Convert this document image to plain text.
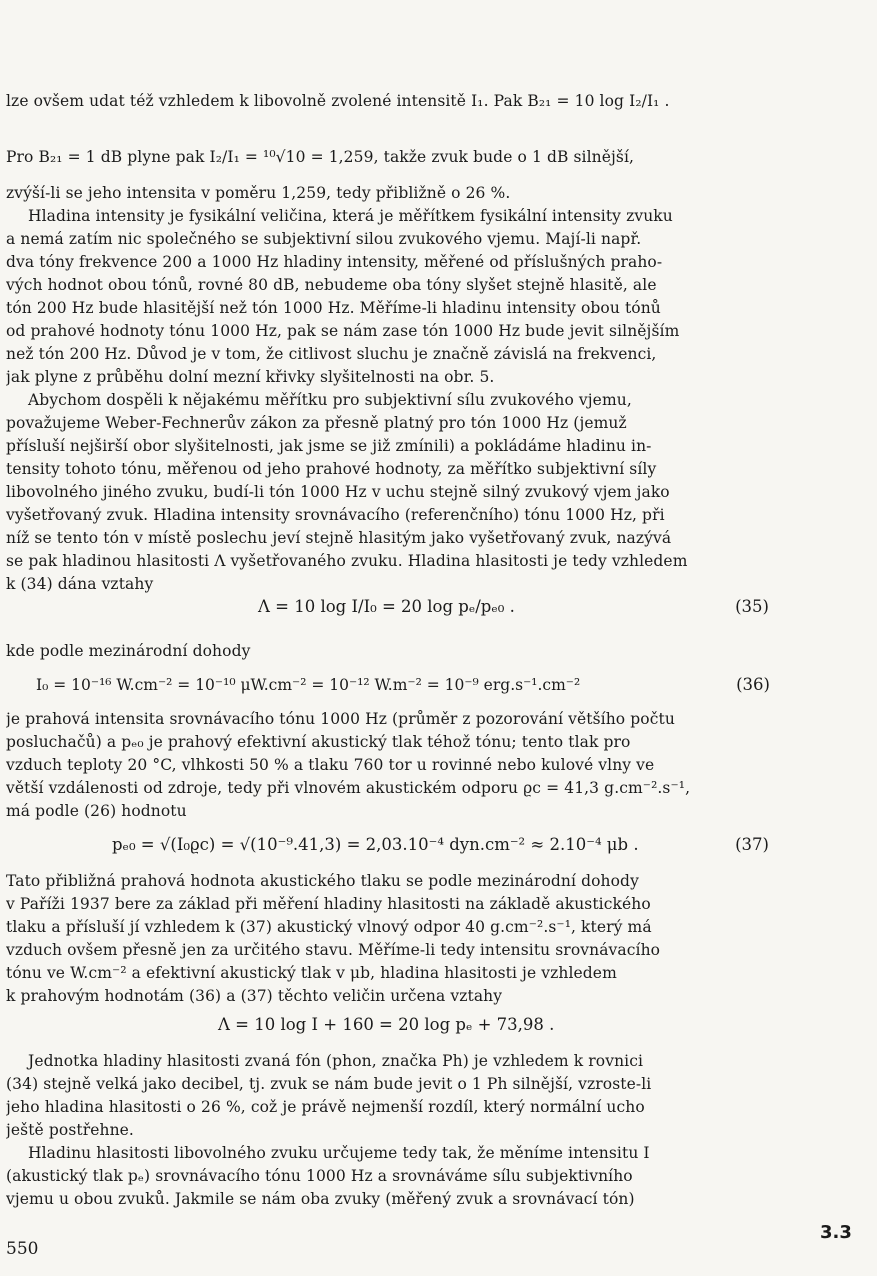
lze ovšem udat též vzhledem k libovolně zvolené intensitě I₁. Pak B₂₁ = 10 log I₂/I₁ .
Pro B₂₁ = 1 dB plyne pak I₂/I₁ = ¹⁰√10 = 1,259, takže zvuk bude o 1 dB silnější,
zvýší-li se jeho intensita v poměru 1,259, tedy přibližně o 26 %.
Hladina intensity je fysikální veličina, která je měřítkem fysikální intensity zvuku
a nemá zatím nic společného se subjektivní silou zvukového vjemu. Mají-li např.
dva tóny frekvence 200 a 1000 Hz hladiny intensity, měřené od příslušných praho-
vých hodnot obou tónů, rovné 80 dB, nebudeme oba tóny slyšet stejně hlasitě, ale
tón 200 Hz bude hlasitější než tón 1000 Hz. Měříme-li hladinu intensity obou tónů
od prahové hodnoty tónu 1000 Hz, pak se nám zase tón 1000 Hz bude jevit silnějším
než tón 200 Hz. Důvod je v tom, že citlivost sluchu je značně závislá na frekvenci,
jak plyne z průběhu dolní mezní křivky slyšitelnosti na obr. 5.
Abychom dospěli k nějakému měřítku pro subjektivní sílu zvukového vjemu,
považujeme Weber-Fechnerův zákon za přesně platný pro tón 1000 Hz (jemuž
přísluší nejširší obor slyšitelnosti, jak jsme se již zmínili) a pokládáme hladinu in-
tensity tohoto tónu, měřenou od jeho prahové hodnoty, za měřítko subjektivní síly
libovolného jiného zvuku, budí-li tón 1000 Hz v uchu stejně silný zvukový vjem jako
vyšetřovaný zvuk. Hladina intensity srovnávacího (referenčního) tónu 1000 Hz, při
níž se tento tón v místě poslechu jeví stejně hlasitým jako vyšetřovaný zvuk, nazývá
se pak hladinou hlasitosti Λ vyšetřovaného zvuku. Hladina hlasitosti je tedy vzhledem
k (34) dána vztahy
Λ = 10 log I/I₀ = 20 log pₑ/pₑ₀ .	(35)
kde podle mezinárodní dohody
I₀ = 10⁻¹⁶ W.cm⁻² = 10⁻¹⁰ μW.cm⁻² = 10⁻¹² W.m⁻² = 10⁻⁹ erg.s⁻¹.cm⁻²	(36)
je prahová intensita srovnávacího tónu 1000 Hz (průměr z pozorování většího počtu
posluchačů) a pₑ₀ je prahový efektivní akustický tlak téhož tónu; tento tlak pro
vzduch teploty 20 °C, vlhkosti 50 % a tlaku 760 tor u rovinné nebo kulové vlny ve
větší vzdálenosti od zdroje, tedy při vlnovém akustickém odporu ϱc = 41,3 g.cm⁻².s⁻¹,
má podle (26) hodnotu
pₑ₀ = √(I₀ϱc) = √(10⁻⁹.41,3) = 2,03.10⁻⁴ dyn.cm⁻² ≈ 2.10⁻⁴ μb .	(37)
Tato přibližná prahová hodnota akustického tlaku se podle mezinárodní dohody
v Paříži 1937 bere za základ při měření hladiny hlasitosti na základě akustického
tlaku a přísluší jí vzhledem k (37) akustický vlnový odpor 40 g.cm⁻².s⁻¹, který má
vzduch ovšem přesně jen za určitého stavu. Měříme-li tedy intensitu srovnávacího
tónu ve W.cm⁻² a efektivní akustický tlak v μb, hladina hlasitosti je vzhledem
k prahovým hodnotám (36) a (37) těchto veličin určena vztahy
Λ = 10 log I + 160 = 20 log pₑ + 73,98 .
Jednotka hladiny hlasitosti zvaná fón (phon, značka Ph) je vzhledem k rovnici
(34) stejně velká jako decibel, tj. zvuk se nám bude jevit o 1 Ph silnější, vzroste-li
jeho hladina hlasitosti o 26 %, což je právě nejmenší rozdíl, který normální ucho
ještě postřehne.
Hladinu hlasitosti libovolného zvuku určujeme tedy tak, že měníme intensitu I
(akustický tlak pₑ) srovnávacího tónu 1000 Hz a srovnáváme sílu subjektivního
vjemu u obou zvuků. Jakmile se nám oba zvuky (měřený zvuk a srovnávací tón)
550
3.3
